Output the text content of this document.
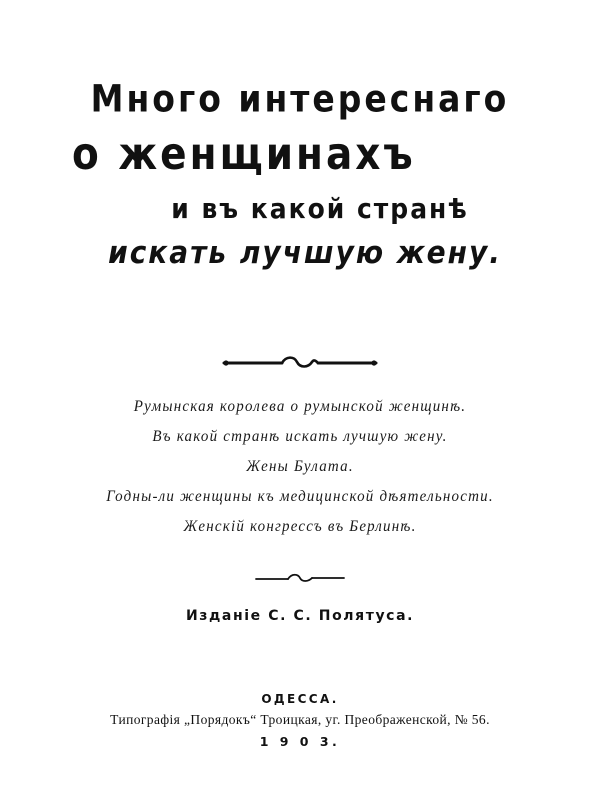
Много интереснаго
о женщинахъ
и въ какой странѣ
искать лучшую жену.
Румынская королева о румынской женщинѣ.
Въ какой странѣ искать лучшую жену.
Жены Булата.
Годны-ли женщины къ медицинской дѣятельности.
Женскій конгрессъ въ Берлинѣ.
Изданіе С. С. Полятуса.
ОДЕССА.
Типографія „Порядокъ“ Троицкая, уг. Преображенской, № 56.
1 9 0 3.
